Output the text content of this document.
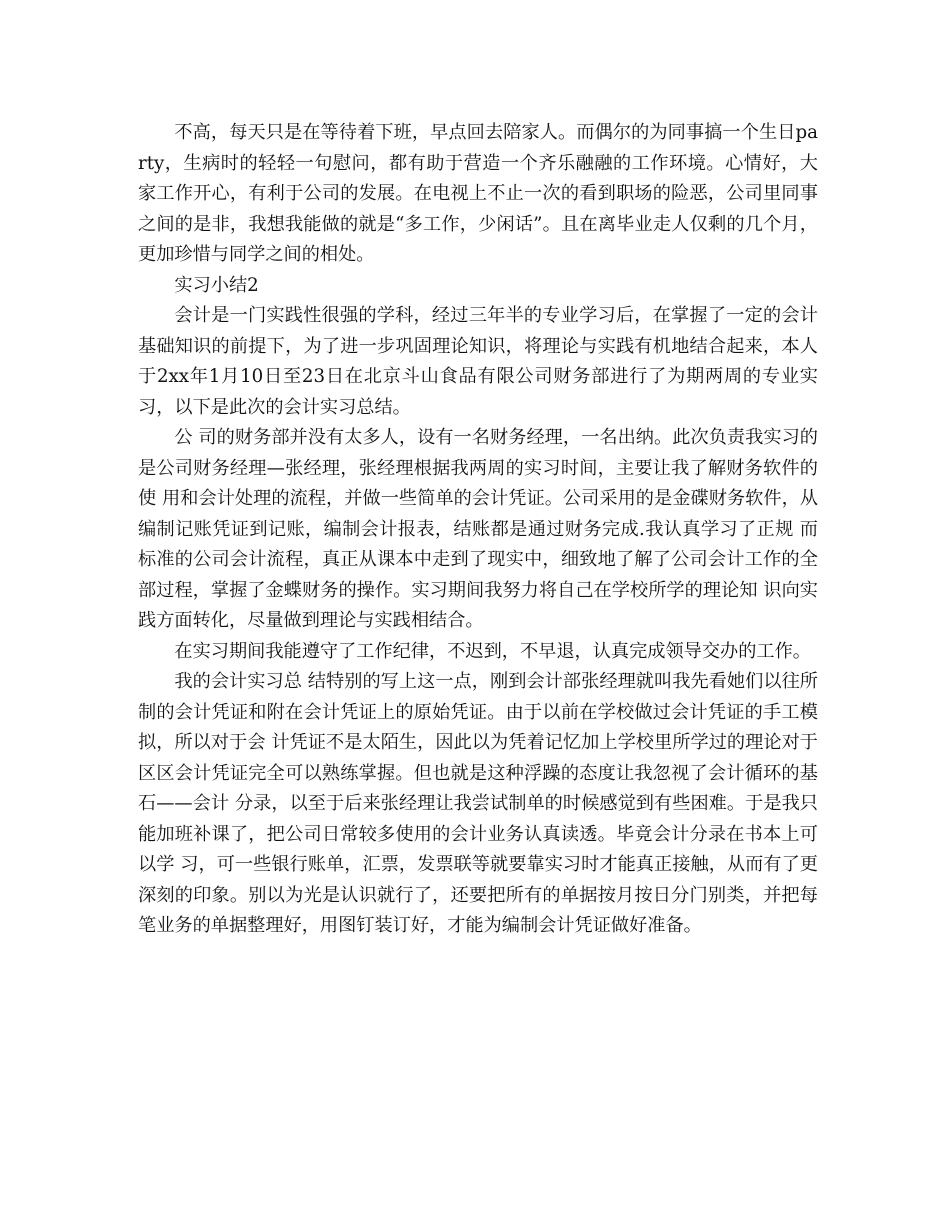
不高，每天只是在等待着下班，早点回去陪家人。而偶尔的为同事搞一个生日party，生病时的轻轻一句慰问，都有助于营造一个齐乐融融的工作环境。心情好，大家工作开心，有利于公司的发展。在电视上不止一次的看到职场的险恶，公司里同事之间的是非，我想我能做的就是“多工作，少闲话”。且在离毕业走人仅剩的几个月，更加珍惜与同学之间的相处。

实习小结2

会计是一门实践性很强的学科，经过三年半的专业学习后，在掌握了一定的会计基础知识的前提下，为了进一步巩固理论知识，将理论与实践有机地结合起来，本人于2xx年1月10日至23日在北京斗山食品有限公司财务部进行了为期两周的专业实习，以下是此次的会计实习总结。

公 司的财务部并没有太多人，设有一名财务经理，一名出纳。此次负责我实习的是公司财务经理—张经理，张经理根据我两周的实习时间，主要让我了解财务软件的使 用和会计处理的流程，并做一些简单的会计凭证。公司采用的是金碟财务软件，从编制记账凭证到记账，编制会计报表，结账都是通过财务完成.我认真学习了正规 而标准的公司会计流程，真正从课本中走到了现实中，细致地了解了公司会计工作的全部过程，掌握了金蝶财务的操作。实习期间我努力将自己在学校所学的理论知 识向实践方面转化，尽量做到理论与实践相结合。

在实习期间我能遵守了工作纪律，不迟到，不早退，认真完成领导交办的工作。

我的会计实习总 结特别的写上这一点，刚到会计部张经理就叫我先看她们以往所制的会计凭证和附在会计凭证上的原始凭证。由于以前在学校做过会计凭证的手工模拟，所以对于会 计凭证不是太陌生，因此以为凭着记忆加上学校里所学过的理论对于区区会计凭证完全可以熟练掌握。但也就是这种浮躁的态度让我忽视了会计循环的基石——会计 分录，以至于后来张经理让我尝试制单的时候感觉到有些困难。于是我只能加班补课了，把公司日常较多使用的会计业务认真读透。毕竟会计分录在书本上可以学 习，可一些银行账单，汇票，发票联等就要靠实习时才能真正接触，从而有了更深刻的印象。别以为光是认识就行了，还要把所有的单据按月按日分门别类，并把每 笔业务的单据整理好，用图钉装订好，才能为编制会计凭证做好准备。
